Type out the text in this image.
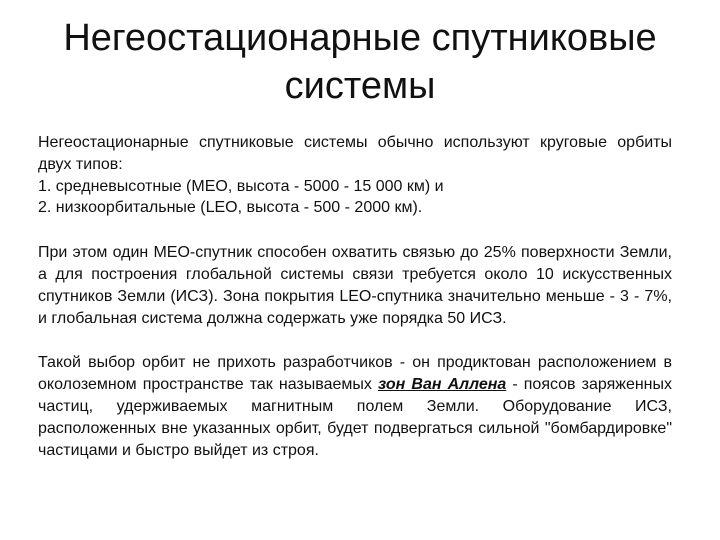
Негеостационарные спутниковые
системы

Негеостационарные спутниковые системы обычно используют круговые орбиты двух типов:
1. средневысотные (МЕО, высота - 5000 - 15 000 км) и
2. низкоорбитальные (LEO, высота - 500 - 2000 км).

При этом один МЕО-спутник способен охватить связью до 25% поверхности Земли, а для построения глобальной системы связи требуется около 10 искусственных спутников Земли (ИСЗ). Зона покрытия LEO-спутника значительно меньше - 3 - 7%, и глобальная система должна содержать уже порядка 50 ИСЗ.

Такой выбор орбит не прихоть разработчиков - он продиктован расположением в околоземном пространстве так называемых зон Ван Аллена - поясов заряженных частиц, удерживаемых магнитным полем Земли. Оборудование ИСЗ, расположенных вне указанных орбит, будет подвергаться сильной "бомбардировке" частицами и быстро выйдет из строя.
